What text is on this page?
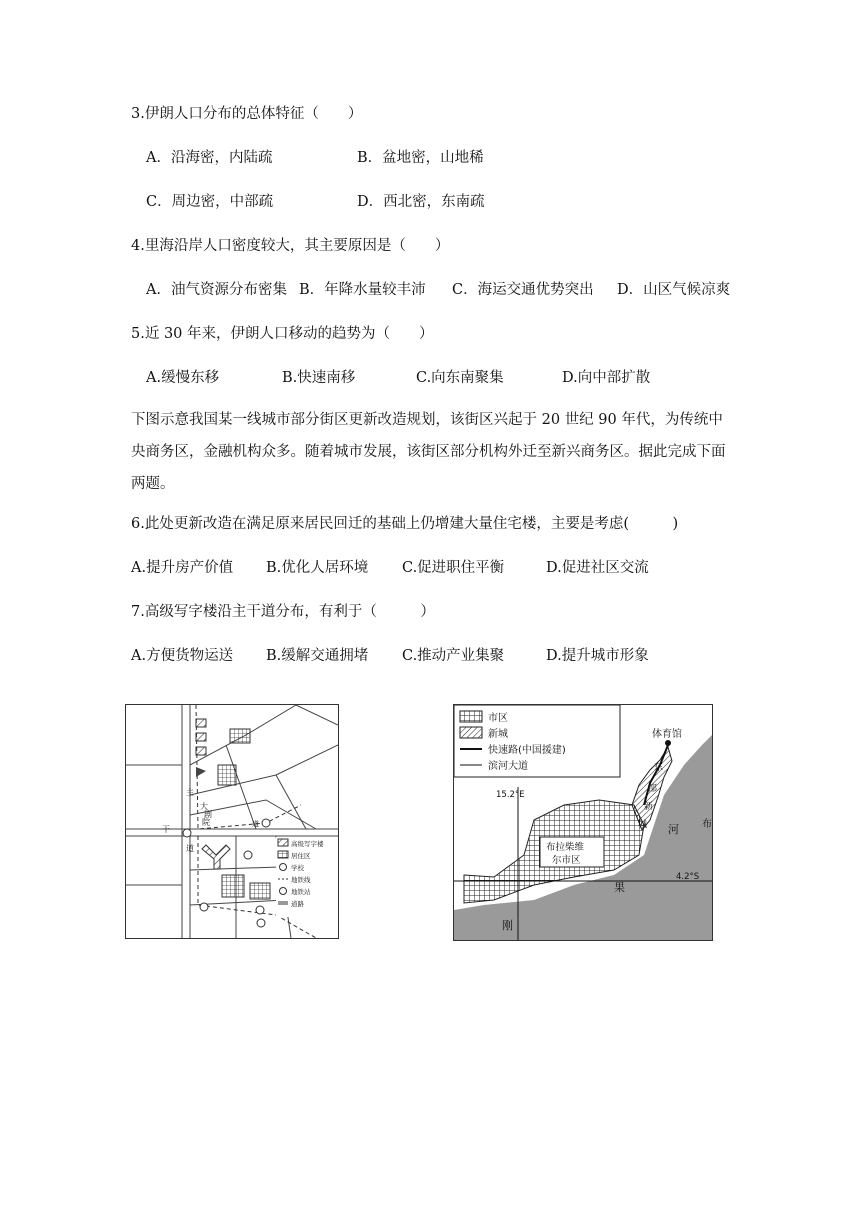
3.伊朗人口分布的总体特征（　　）
A．沿海密，内陆疏	B．盆地密，山地稀
C．周边密，中部疏	D．西北密，东南疏
4.里海沿岸人口密度较大，其主要原因是（　　）
A．油气资源分布密集 B．年降水量较丰沛 C．海运交通优势突出 D．山区气候凉爽
5.近 30 年来，伊朗人口移动的趋势为（　　）
A.缓慢东移	B.快速南移	C.向东南聚集	D.向中部扩散
下图示意我国某一线城市部分街区更新改造规划，该街区兴起于 20 世纪 90 年代，为传统中央商务区，金融机构众多。随着城市发展，该街区部分机构外迁至新兴商务区。据此完成下面两题。
6.此处更新改造在满足原来居民回迁的基础上仍增建大量住宅楼，主要是考虑(　　　)
A.提升房产价值 B.优化人居环境 C.促进职住平衡	D.促进社区交流
7.高级写字楼沿主干道分布，有利于（　　　）
A.方便货物运送 B.缓解交通拥堵 C.推动产业集聚	D.提升城市形象
主
干
道
大
剧
院	道
高级写字楼
居住区
学校
地铁线
地铁站
道路
体育馆
15.2°E
4.2°S
布拉柴维
尔市区
东
部
新
城 河
果
刚
布
市区
新城
快速路(中国援建)
滨河大道
